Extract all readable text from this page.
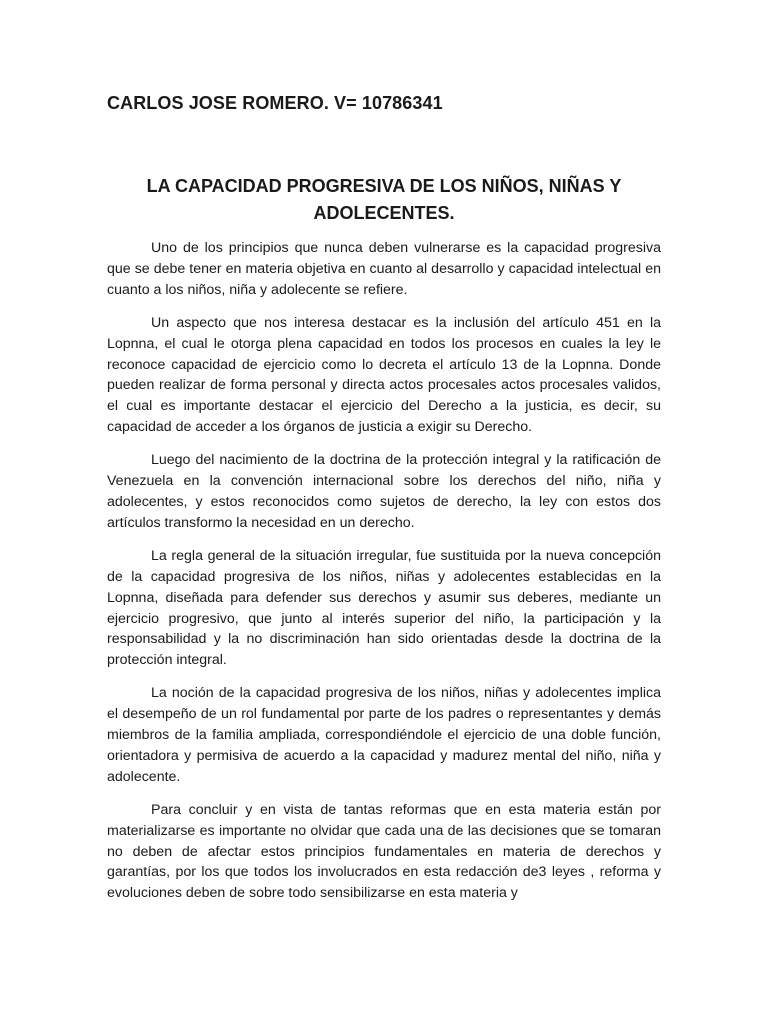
CARLOS JOSE ROMERO. V= 10786341
LA CAPACIDAD PROGRESIVA DE LOS NIÑOS, NIÑAS Y ADOLECENTES.

Uno de los principios que nunca deben vulnerarse es la capacidad progresiva que se debe tener en materia objetiva en cuanto al desarrollo y capacidad intelectual en cuanto a los niños, niña y adolecente se refiere.

Un aspecto que nos interesa destacar es la inclusión del artículo 451 en la Lopnna, el cual le otorga plena capacidad en todos los procesos en cuales la ley le reconoce capacidad de ejercicio como lo decreta el artículo 13 de la Lopnna. Donde pueden realizar de forma personal y directa actos procesales actos procesales validos, el cual es importante destacar el ejercicio del Derecho a la justicia, es decir, su capacidad de acceder a los órganos de justicia a exigir su Derecho.

Luego del nacimiento de la doctrina de la protección integral y la ratificación de Venezuela en la convención internacional sobre los derechos del niño, niña y adolecentes, y estos reconocidos como sujetos de derecho, la ley con estos dos artículos transformo la necesidad en un derecho.

La regla general de la situación irregular, fue sustituida por la nueva concepción de la capacidad progresiva de los niños, niñas y adolecentes establecidas en la Lopnna, diseñada para defender sus derechos y asumir sus deberes, mediante un ejercicio progresivo, que junto al interés superior del niño, la participación y la responsabilidad y la no discriminación han sido orientadas desde la doctrina de la protección integral.

La noción de la capacidad progresiva de los niños, niñas y adolecentes implica el desempeño de un rol fundamental por parte de los padres o representantes y demás miembros de la familia ampliada, correspondiéndole el ejercicio de una doble función, orientadora y permisiva de acuerdo a la capacidad y madurez mental del niño, niña y adolecente.

Para concluir y en vista de tantas reformas que en esta materia están por materializarse es importante no olvidar que cada una de las decisiones que se tomaran no deben de afectar estos principios fundamentales en materia de derechos y garantías, por los que todos los involucrados en esta redacción de3 leyes , reforma y evoluciones deben de sobre todo sensibilizarse en esta materia y
